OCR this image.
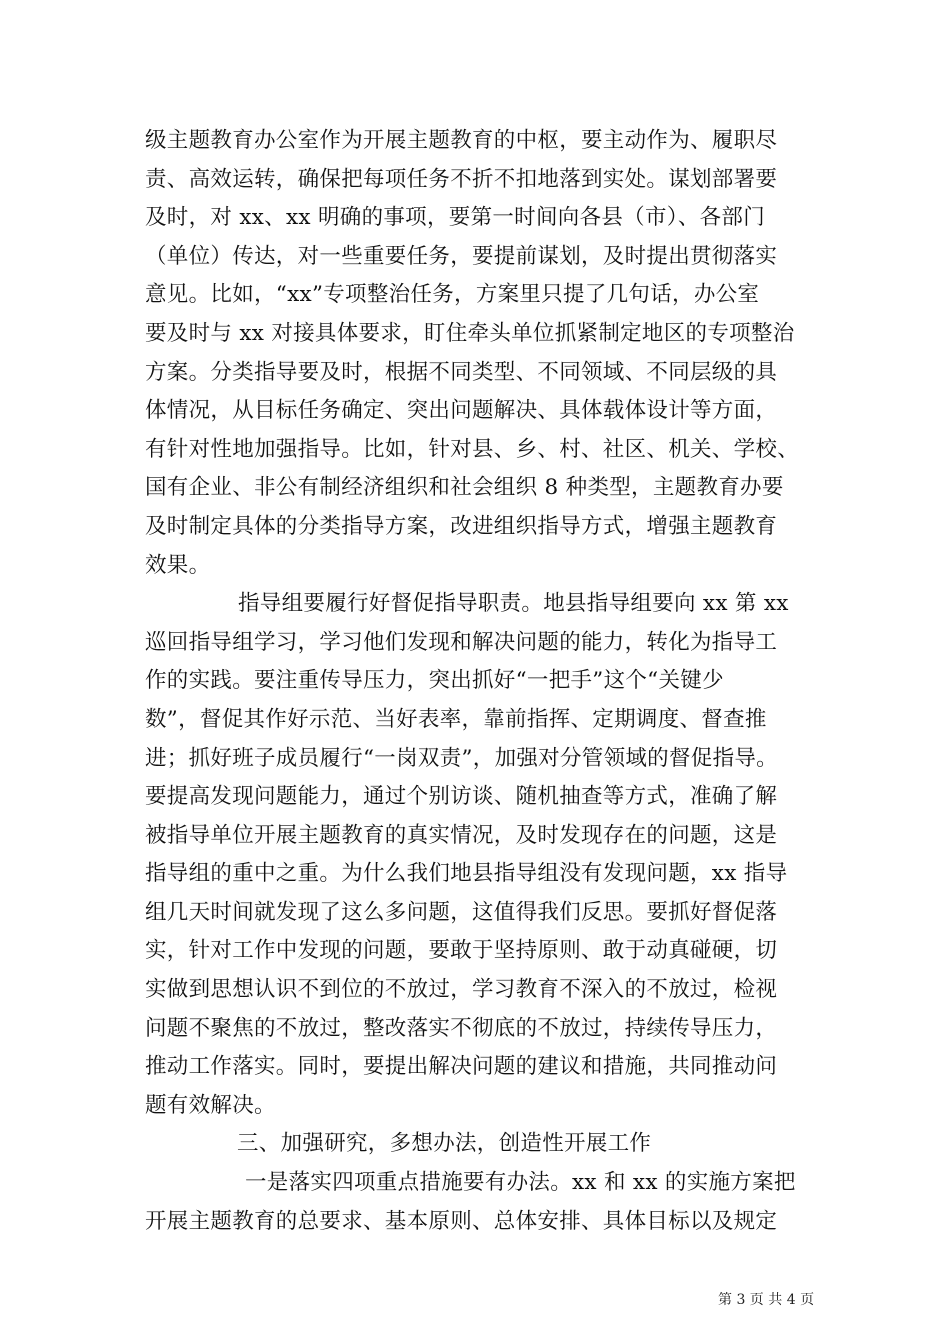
级主题教育办公室作为开展主题教育的中枢，要主动作为、履职尽
责、高效运转，确保把每项任务不折不扣地落到实处。谋划部署要
及时，对 xx、xx 明确的事项，要第一时间向各县（市）、各部门
（单位）传达，对一些重要任务，要提前谋划，及时提出贯彻落实
意见。比如，“xx”专项整治任务，方案里只提了几句话，办公室
要及时与 xx 对接具体要求，盯住牵头单位抓紧制定地区的专项整治
方案。分类指导要及时，根据不同类型、不同领域、不同层级的具
体情况，从目标任务确定、突出问题解决、具体载体设计等方面，
有针对性地加强指导。比如，针对县、乡、村、社区、机关、学校、
国有企业、非公有制经济组织和社会组织 8 种类型，主题教育办要
及时制定具体的分类指导方案，改进组织指导方式，增强主题教育
效果。
指导组要履行好督促指导职责。地县指导组要向 xx 第 xx
巡回指导组学习，学习他们发现和解决问题的能力，转化为指导工
作的实践。要注重传导压力，突出抓好“一把手”这个“关键少
数”，督促其作好示范、当好表率，靠前指挥、定期调度、督查推
进；抓好班子成员履行“一岗双责”，加强对分管领域的督促指导。
要提高发现问题能力，通过个别访谈、随机抽查等方式，准确了解
被指导单位开展主题教育的真实情况，及时发现存在的问题，这是
指导组的重中之重。为什么我们地县指导组没有发现问题，xx 指导
组几天时间就发现了这么多问题，这值得我们反思。要抓好督促落
实，针对工作中发现的问题，要敢于坚持原则、敢于动真碰硬，切
实做到思想认识不到位的不放过，学习教育不深入的不放过，检视
问题不聚焦的不放过，整改落实不彻底的不放过，持续传导压力，
推动工作落实。同时，要提出解决问题的建议和措施，共同推动问
题有效解决。
三、加强研究，多想办法，创造性开展工作
一是落实四项重点措施要有办法。xx 和 xx 的实施方案把
开展主题教育的总要求、基本原则、总体安排、具体目标以及规定
第 3 页 共 4 页
